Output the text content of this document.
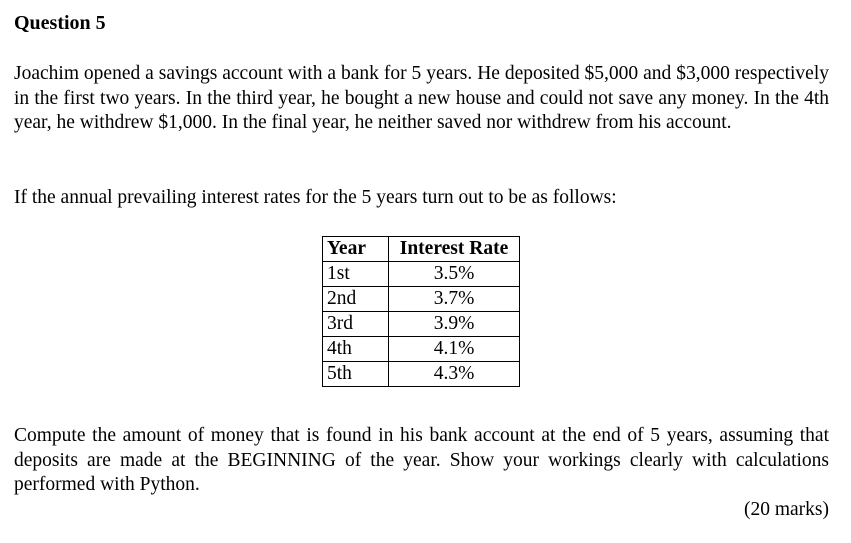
Question 5

Joachim opened a savings account with a bank for 5 years. He deposited $5,000 and $3,000 respectively in the first two years. In the third year, he bought a new house and could not save any money. In the 4th year, he withdrew $1,000. In the final year, he neither saved nor withdrew from his account.

If the annual prevailing interest rates for the 5 years turn out to be as follows:

Year	Interest Rate
1st	3.5%
2nd	3.7%
3rd	3.9%
4th	4.1%
5th	4.3%

Compute the amount of money that is found in his bank account at the end of 5 years, assuming that deposits are made at the BEGINNING of the year. Show your workings clearly with calculations performed with Python.

(20 marks)
